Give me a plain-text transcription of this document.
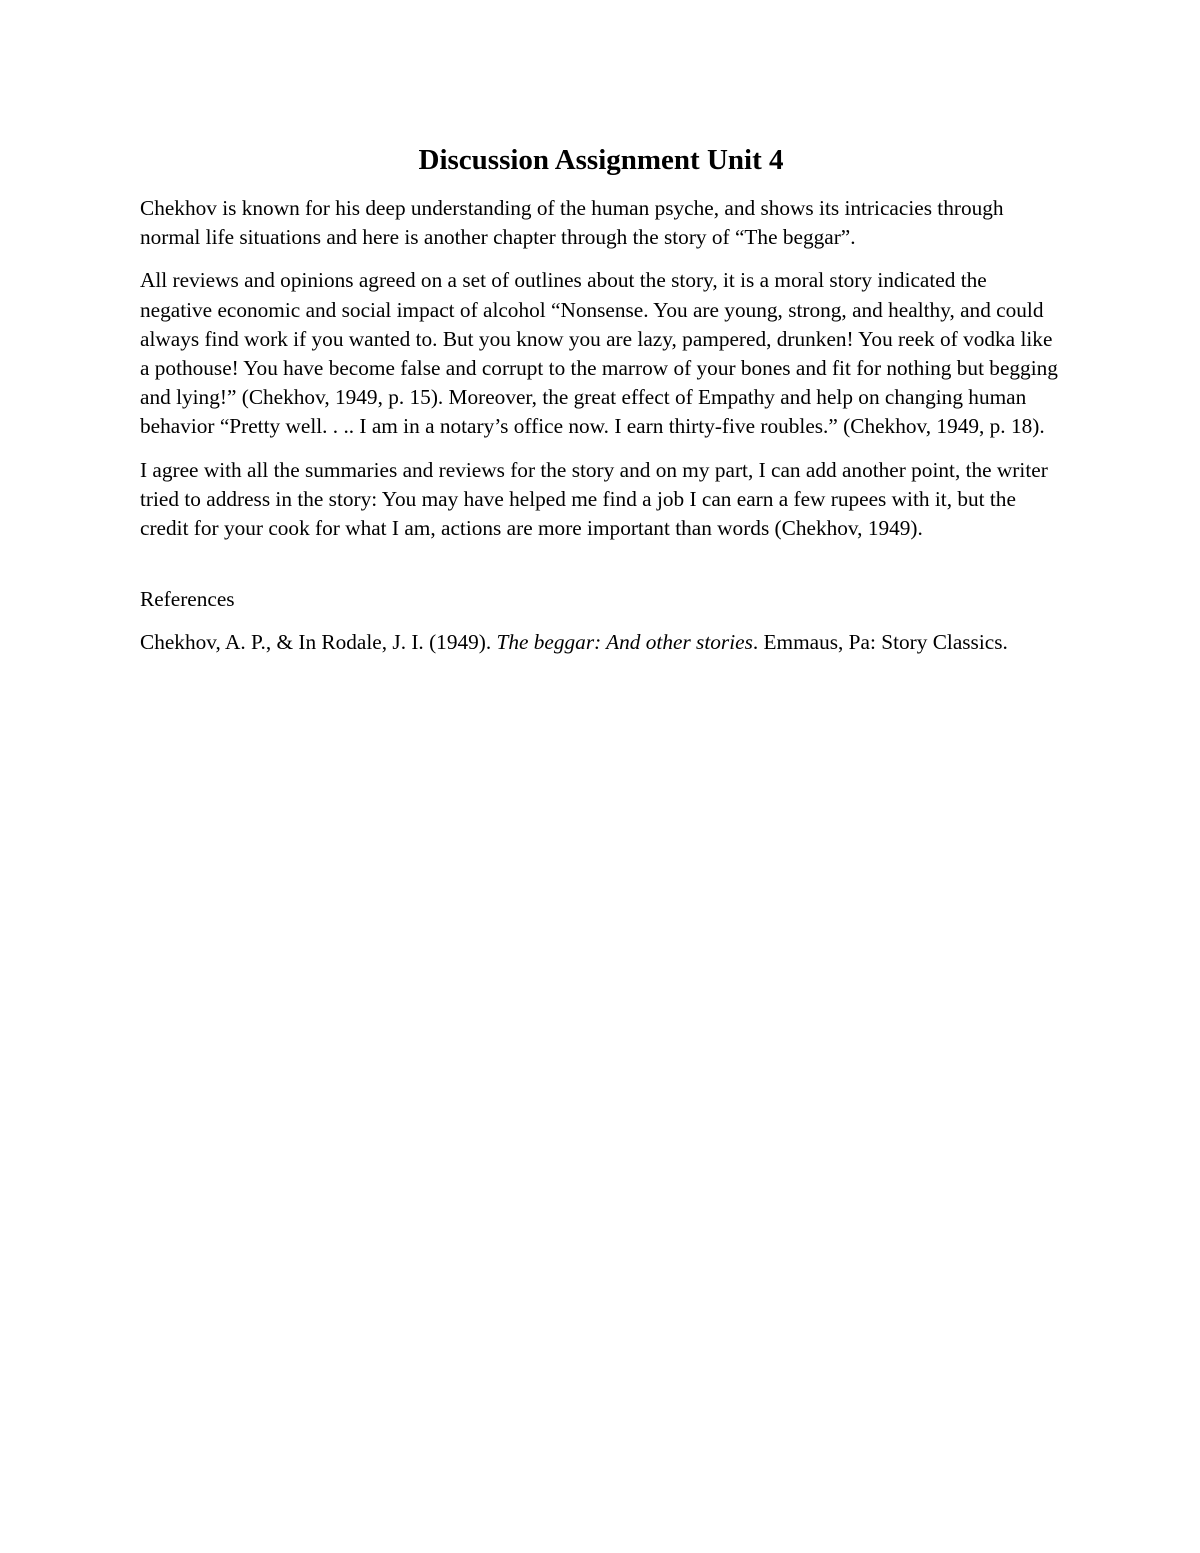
Discussion Assignment Unit 4

Chekhov is known for his deep understanding of the human psyche, and shows its intricacies through normal life situations and here is another chapter through the story of “The beggar”.

All reviews and opinions agreed on a set of outlines about the story, it is a moral story indicated the negative economic and social impact of alcohol “Nonsense. You are young, strong, and healthy, and could always find work if you wanted to. But you know you are lazy, pampered, drunken! You reek of vodka like a pothouse! You have become false and corrupt to the marrow of your bones and fit for nothing but begging and lying!” (Chekhov, 1949, p. 15). Moreover, the great effect of Empathy and help on changing human behavior “Pretty well. . .. I am in a notary’s office now. I earn thirty-five roubles.” (Chekhov, 1949, p. 18).

I agree with all the summaries and reviews for the story and on my part, I can add another point, the writer tried to address in the story: You may have helped me find a job I can earn a few rupees with it, but the credit for your cook for what I am, actions are more important than words (Chekhov, 1949).

References

Chekhov, A. P., & In Rodale, J. I. (1949). The beggar: And other stories. Emmaus, Pa: Story Classics.
